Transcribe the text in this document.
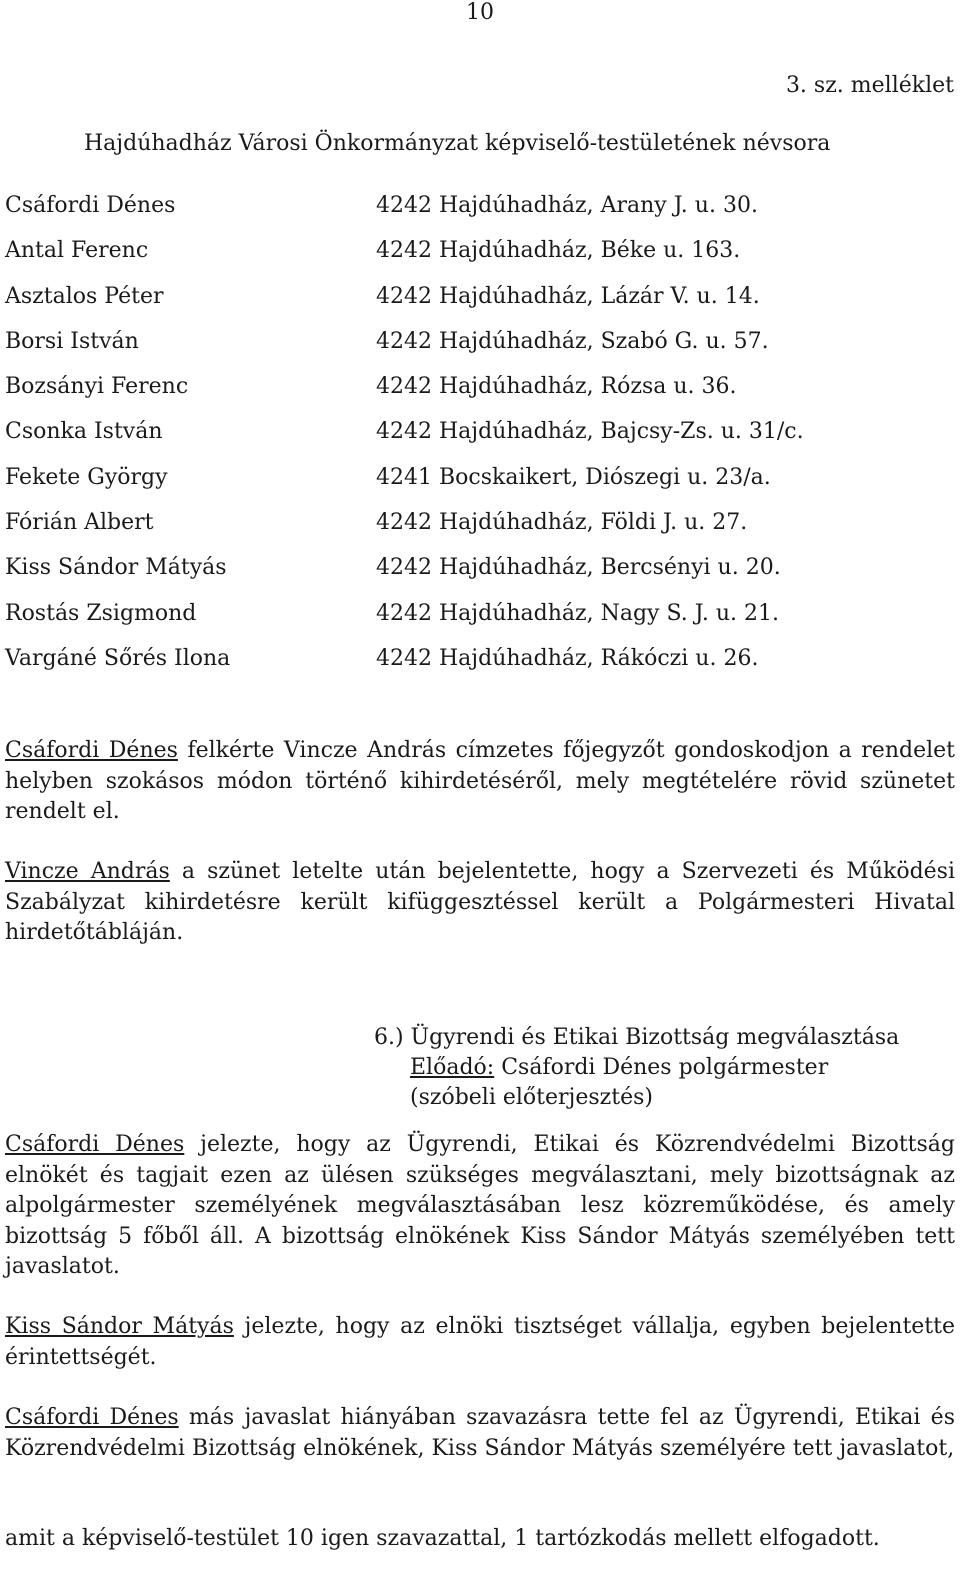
10
3. sz. melléklet
Hajdúhadház Városi Önkormányzat képviselő-testületének névsora
Csáfordi Dénes	4242 Hajdúhadház, Arany J. u. 30.
Antal Ferenc	4242 Hajdúhadház, Béke u. 163.
Asztalos Péter	4242 Hajdúhadház, Lázár V. u. 14.
Borsi István	4242 Hajdúhadház, Szabó G. u. 57.
Bozsányi Ferenc	4242 Hajdúhadház, Rózsa u. 36.
Csonka István	4242 Hajdúhadház, Bajcsy-Zs. u. 31/c.
Fekete György	4241 Bocskaikert, Diószegi u. 23/a.
Fórián Albert	4242 Hajdúhadház, Földi J. u. 27.
Kiss Sándor Mátyás	4242 Hajdúhadház, Bercsényi u. 20.
Rostás Zsigmond	4242 Hajdúhadház, Nagy S. J. u. 21.
Vargáné Sőrés Ilona	4242 Hajdúhadház, Rákóczi u. 26.

Csáfordi Dénes felkérte Vincze András címzetes főjegyzőt gondoskodjon a rendelet helyben szokásos módon történő kihirdetéséről, mely megtételére rövid szünetet rendelt el.

Vincze András a szünet letelte után bejelentette, hogy a Szervezeti és Működési Szabályzat kihirdetésre került kifüggesztéssel került a Polgármesteri Hivatal hirdetőtábláján.

6.) Ügyrendi és Etikai Bizottság megválasztása
Előadó: Csáfordi Dénes polgármester
(szóbeli előterjesztés)

Csáfordi Dénes jelezte, hogy az Ügyrendi, Etikai és Közrendvédelmi Bizottság elnökét és tagjait ezen az ülésen szükséges megválasztani, mely bizottságnak az alpolgármester személyének megválasztásában lesz közreműködése, és amely bizottság 5 főből áll. A bizottság elnökének Kiss Sándor Mátyás személyében tett javaslatot.

Kiss Sándor Mátyás jelezte, hogy az elnöki tisztséget vállalja, egyben bejelentette érintettségét.

Csáfordi Dénes más javaslat hiányában szavazásra tette fel az Ügyrendi, Etikai és Közrendvédelmi Bizottság elnökének, Kiss Sándor Mátyás személyére tett javaslatot,

amit a képviselő-testület 10 igen szavazattal, 1 tartózkodás mellett elfogadott.
